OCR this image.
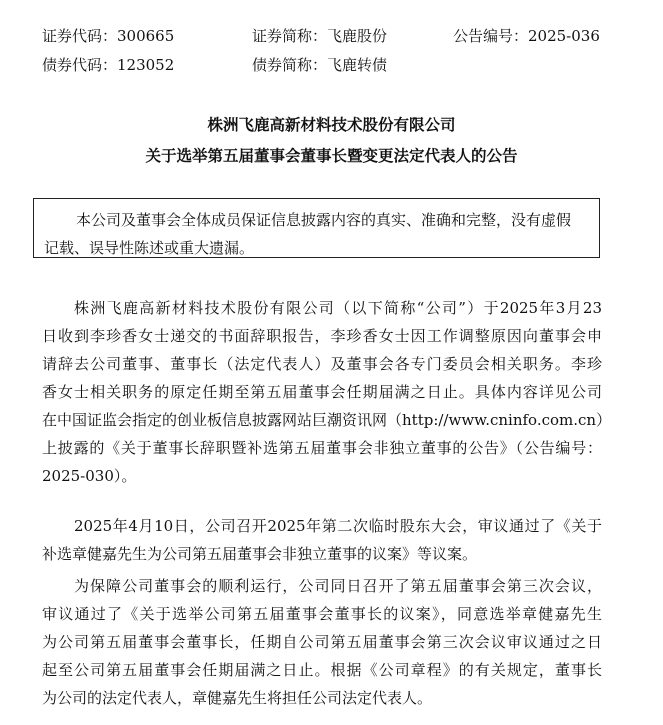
证券代码：300665	证券简称：飞鹿股份	公告编号：2025-036
债券代码：123052	债券简称：飞鹿转债
株洲飞鹿高新材料技术股份有限公司
关于选举第五届董事会董事长暨变更法定代表人的公告
本公司及董事会全体成员保证信息披露内容的真实、准确和完整，没有虚假
记载、误导性陈述或重大遗漏。
株洲飞鹿高新材料技术股份有限公司（以下简称“公司”）于2025年3月23
日收到李珍香女士递交的书面辞职报告，李珍香女士因工作调整原因向董事会申
请辞去公司董事、董事长（法定代表人）及董事会各专门委员会相关职务。李珍
香女士相关职务的原定任期至第五届董事会任期届满之日止。具体内容详见公司
在中国证监会指定的创业板信息披露网站巨潮资讯网（http://www.cninfo.com.cn）
上披露的《关于董事长辞职暨补选第五届董事会非独立董事的公告》（公告编号：
2025-030）。
2025年4月10日，公司召开2025年第二次临时股东大会，审议通过了《关于
补选章健嘉先生为公司第五届董事会非独立董事的议案》等议案。
为保障公司董事会的顺利运行，公司同日召开了第五届董事会第三次会议，
审议通过了《关于选举公司第五届董事会董事长的议案》，同意选举章健嘉先生
为公司第五届董事会董事长，任期自公司第五届董事会第三次会议审议通过之日
起至公司第五届董事会任期届满之日止。根据《公司章程》的有关规定，董事长
为公司的法定代表人，章健嘉先生将担任公司法定代表人。
